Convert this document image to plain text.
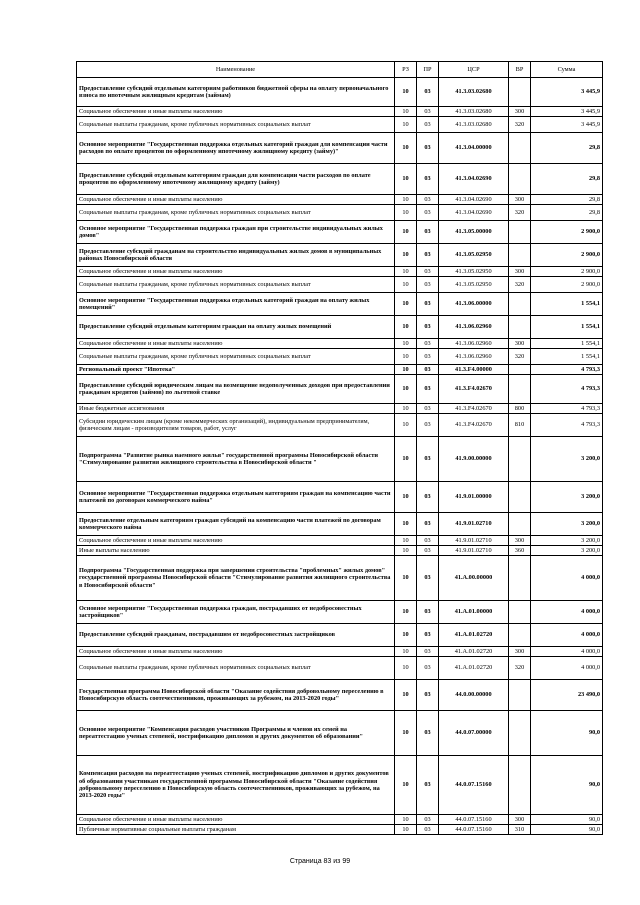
Наименование	РЗ	ПР	ЦСР	ВР	Сумма
Предоставление субсидий отдельным категориям работников бюджетной сферы на оплату первоначального взноса по ипотечным жилищным кредитам (займам)	10	03	41.3.03.02680		3 445,9
Социальное обеспечение и иные выплаты населению	10	03	41.3.03.02680	300	3 445,9
Социальные выплаты гражданам, кроме публичных нормативных социальных выплат	10	03	41.3.03.02680	320	3 445,9
Основное мероприятие "Государственная поддержка отдельных категорий граждан для компенсации части расходов по оплате процентов по оформленному ипотечному жилищному кредиту (займу)"	10	03	41.3.04.00000		29,8
Предоставление субсидий отдельным категориям граждан для компенсации части расходов по оплате процентов по оформленному ипотечному жилищному кредиту (займу)	10	03	41.3.04.02690		29,8
Социальное обеспечение и иные выплаты населению	10	03	41.3.04.02690	300	29,8
Социальные выплаты гражданам, кроме публичных нормативных социальных выплат	10	03	41.3.04.02690	320	29,8
Основное мероприятие "Государственная поддержка граждан при строительстве индивидуальных жилых домов"	10	03	41.3.05.00000		2 900,0
Предоставление субсидий гражданам на строительство индивидуальных жилых домов в муниципальных районах Новосибирской области	10	03	41.3.05.02950		2 900,0
Социальное обеспечение и иные выплаты населению	10	03	41.3.05.02950	300	2 900,0
Социальные выплаты гражданам, кроме публичных нормативных социальных выплат	10	03	41.3.05.02950	320	2 900,0
Основное мероприятие "Государственная поддержка отдельных категорий граждан на оплату жилых помещений"	10	03	41.3.06.00000		1 554,1
Предоставление субсидий отдельным категориям граждан на оплату жилых помещений	10	03	41.3.06.02960		1 554,1
Социальное обеспечение и иные выплаты населению	10	03	41.3.06.02960	300	1 554,1
Социальные выплаты гражданам, кроме публичных нормативных социальных выплат	10	03	41.3.06.02960	320	1 554,1
Региональный проект "Ипотека"	10	03	41.3.F4.00000		4 793,3
Предоставление субсидий юридическим лицам на возмещение недополученных доходов при предоставлении гражданам кредитов (займов) по льготной ставке	10	03	41.3.F4.02670		4 793,3
Иные бюджетные ассигнования	10	03	41.3.F4.02670	800	4 793,3
Субсидии юридическим лицам (кроме некоммерческих организаций), индивидуальным предпринимателям, физическим лицам - производителям товаров, работ, услуг	10	03	41.3.F4.02670	810	4 793,3
Подпрограмма "Развитие рынка наемного жилья" государственной программы Новосибирской области "Стимулирование развития жилищного строительства в Новосибирской области "	10	03	41.9.00.00000		3 200,0
Основное мероприятие "Государственная поддержка отдельным категориям граждан на компенсацию части платежей по договорам коммерческого найма"	10	03	41.9.01.00000		3 200,0
Предоставление отдельным категориям граждан субсидий на компенсацию части платежей по договорам коммерческого найма	10	03	41.9.01.02710		3 200,0
Социальное обеспечение и иные выплаты населению	10	03	41.9.01.02710	300	3 200,0
Иные выплаты населению	10	03	41.9.01.02710	360	3 200,0
Подпрограмма "Государственная поддержка при завершении строительства "проблемных" жилых домов" государственной программы Новосибирской области "Стимулирование развития жилищного строительства в Новосибирской области"	10	03	41.А.00.00000		4 000,0
Основное мероприятие "Государственная поддержка граждан, пострадавших от недобросовестных застройщиков"	10	03	41.А.01.00000		4 000,0
Предоставление субсидий гражданам, пострадавшим от недобросовестных застройщиков	10	03	41.А.01.02720		4 000,0
Социальное обеспечение и иные выплаты населению	10	03	41.А.01.02720	300	4 000,0
Социальные выплаты гражданам, кроме публичных нормативных социальных выплат	10	03	41.А.01.02720	320	4 000,0
Государственная программа Новосибирской области "Оказание содействия добровольному переселению в Новосибирскую область соотечественников, проживающих за рубежом, на 2013-2020 годы"	10	03	44.0.00.00000		23 490,0
Основное мероприятие "Компенсация расходов участников Программы и членов их семей на переаттестацию ученых степеней, нострификацию дипломов и других документов об образовании"	10	03	44.0.07.00000		90,0
Компенсация расходов на переаттестацию ученых степеней, нострификацию дипломов и других документов об образовании участникам государственной программы Новосибирской области "Оказание содействия добровольному переселению в Новосибирскую область соотечественников, проживающих за рубежом, на 2013-2020 годы"	10	03	44.0.07.15160		90,0
Социальное обеспечение и иные выплаты населению	10	03	44.0.07.15160	300	90,0
Публичные нормативные социальные выплаты гражданам	10	03	44.0.07.15160	310	90,0
Страница 83 из 99
